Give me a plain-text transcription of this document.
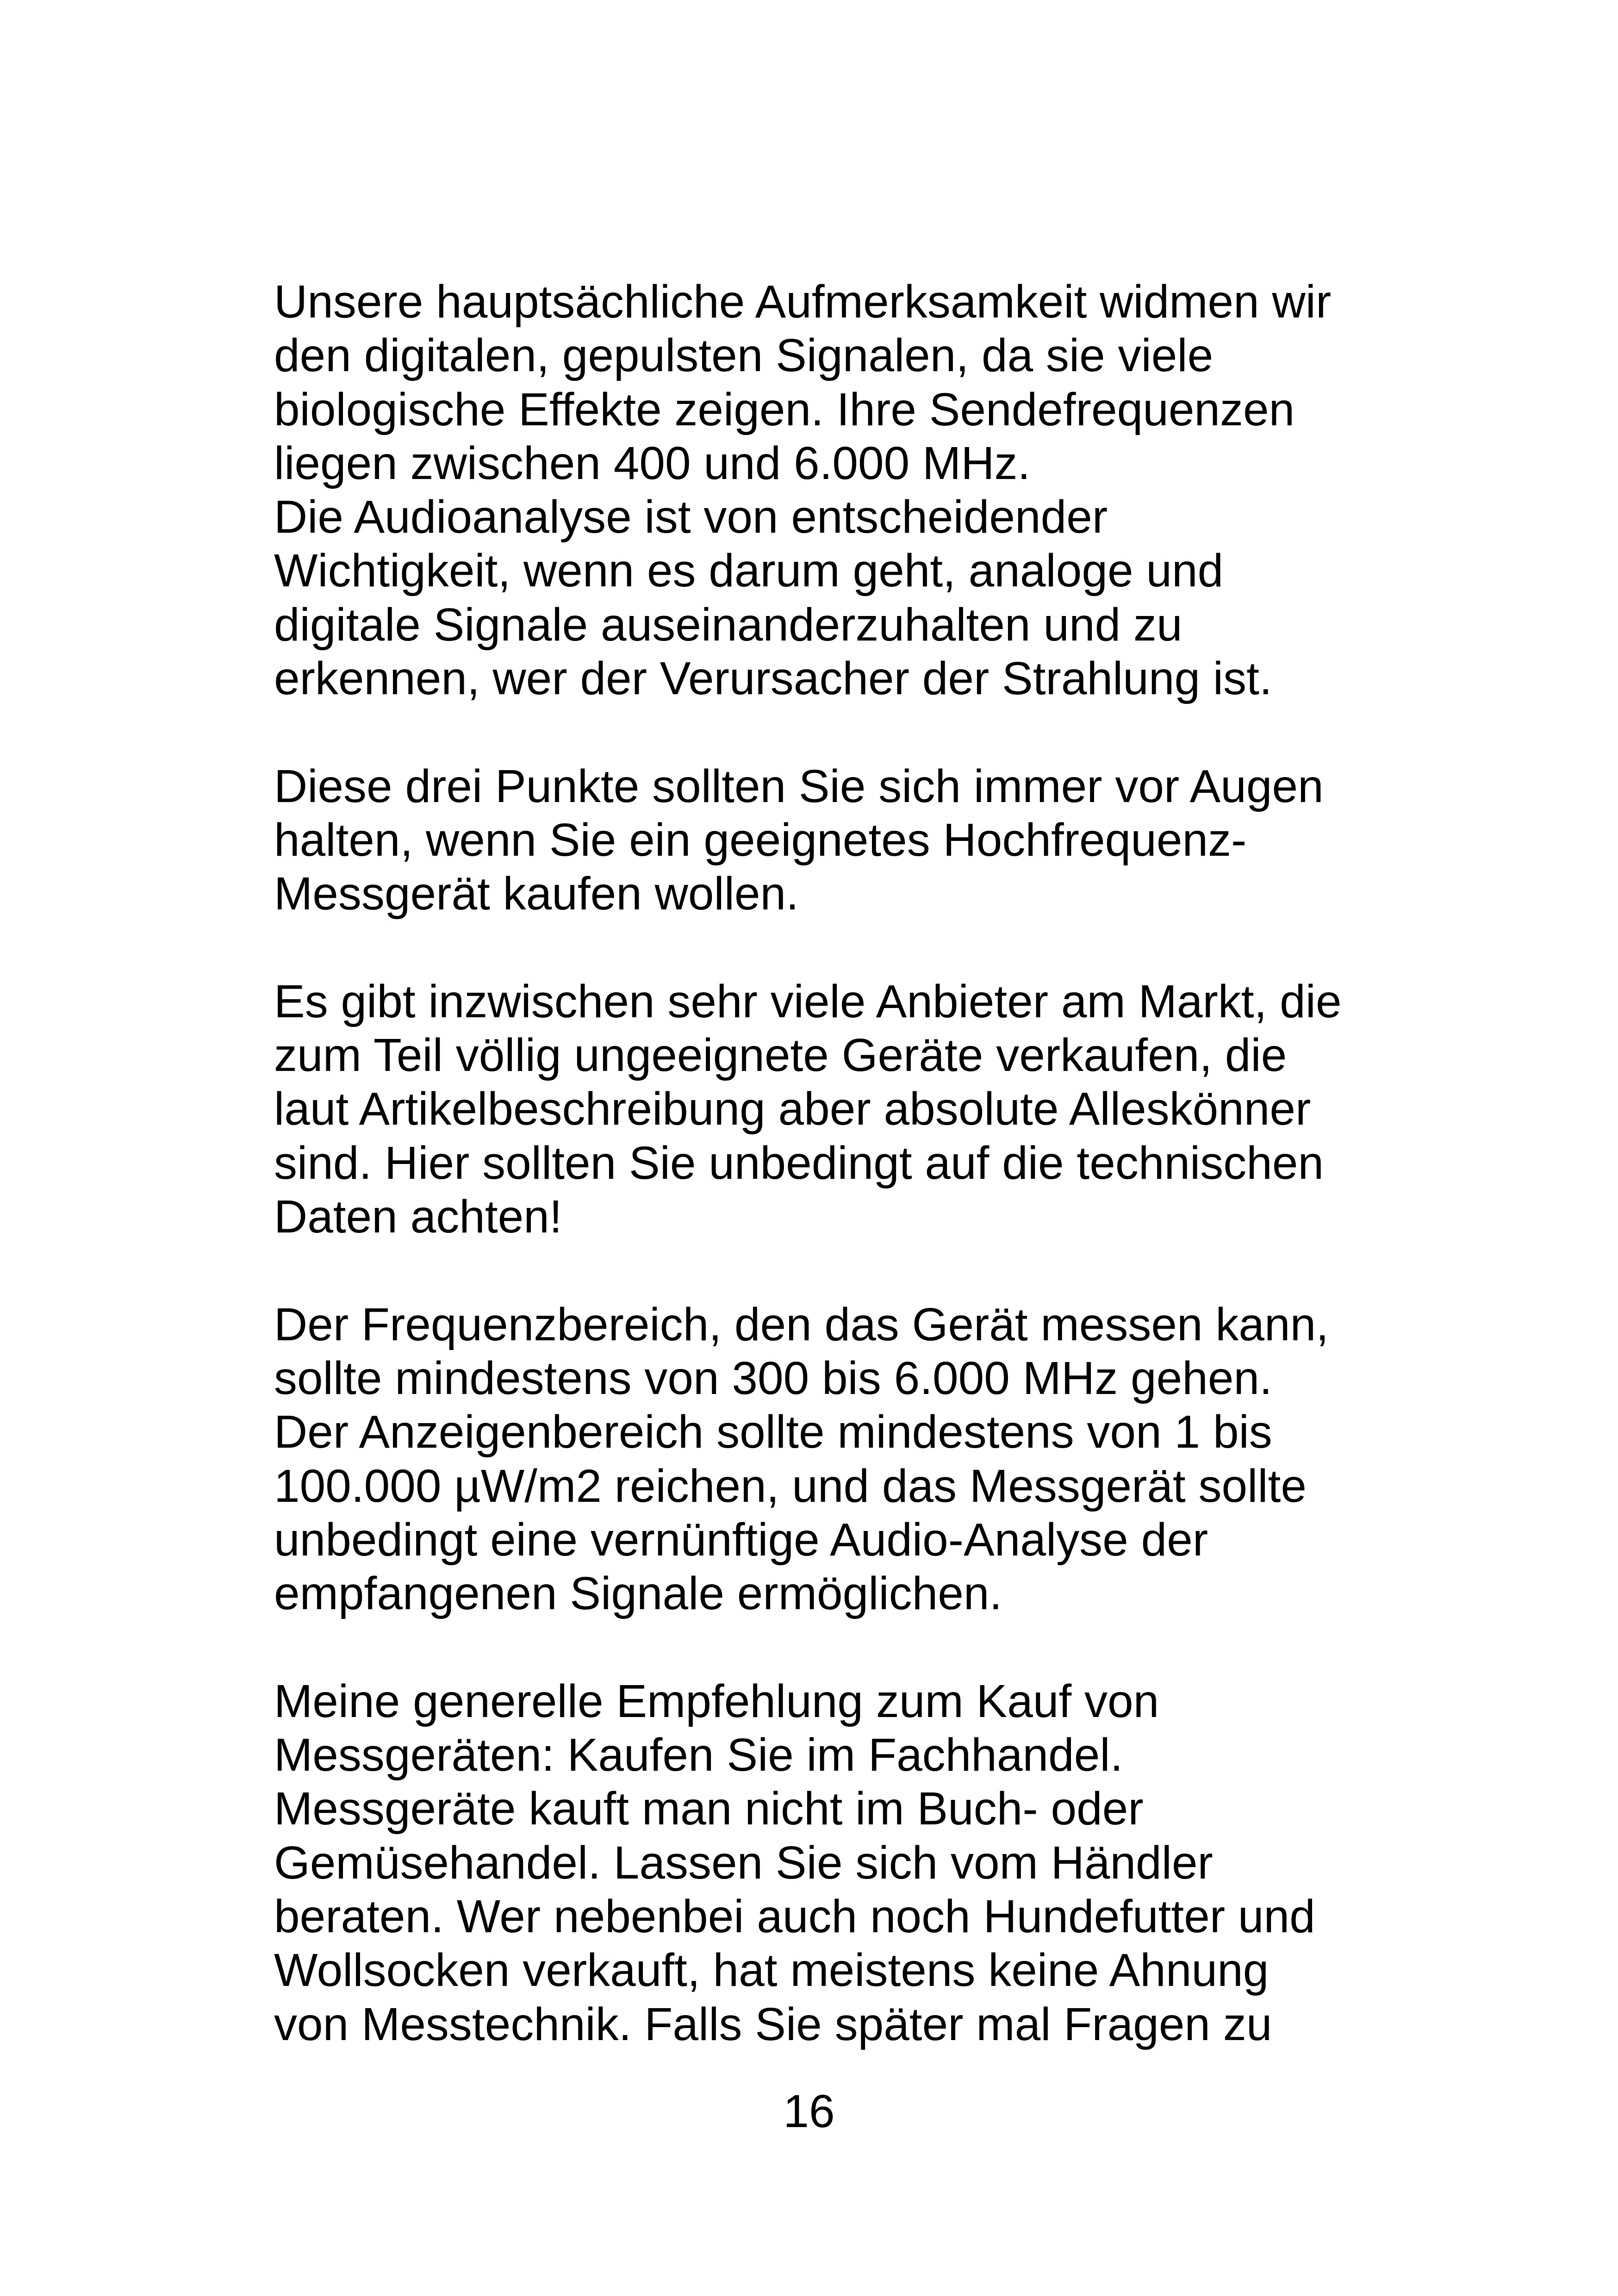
Unsere hauptsächliche Aufmerksamkeit widmen wir
den digitalen, gepulsten Signalen, da sie viele
biologische Effekte zeigen. Ihre Sendefrequenzen
liegen zwischen 400 und 6.000 MHz.
Die Audioanalyse ist von entscheidender
Wichtigkeit, wenn es darum geht, analoge und
digitale Signale auseinanderzuhalten und zu
erkennen, wer der Verursacher der Strahlung ist.
Diese drei Punkte sollten Sie sich immer vor Augen
halten, wenn Sie ein geeignetes Hochfrequenz-
Messgerät kaufen wollen.
Es gibt inzwischen sehr viele Anbieter am Markt, die
zum Teil völlig ungeeignete Geräte verkaufen, die
laut Artikelbeschreibung aber absolute Alleskönner
sind. Hier sollten Sie unbedingt auf die technischen
Daten achten!
Der Frequenzbereich, den das Gerät messen kann,
sollte mindestens von 300 bis 6.000 MHz gehen.
Der Anzeigenbereich sollte mindestens von 1 bis
100.000 µW/m2 reichen, und das Messgerät sollte
unbedingt eine vernünftige Audio-Analyse der
empfangenen Signale ermöglichen.
Meine generelle Empfehlung zum Kauf von
Messgeräten: Kaufen Sie im Fachhandel.
Messgeräte kauft man nicht im Buch- oder
Gemüsehandel. Lassen Sie sich vom Händler
beraten. Wer nebenbei auch noch Hundefutter und
Wollsocken verkauft, hat meistens keine Ahnung
von Messtechnik. Falls Sie später mal Fragen zu
16
